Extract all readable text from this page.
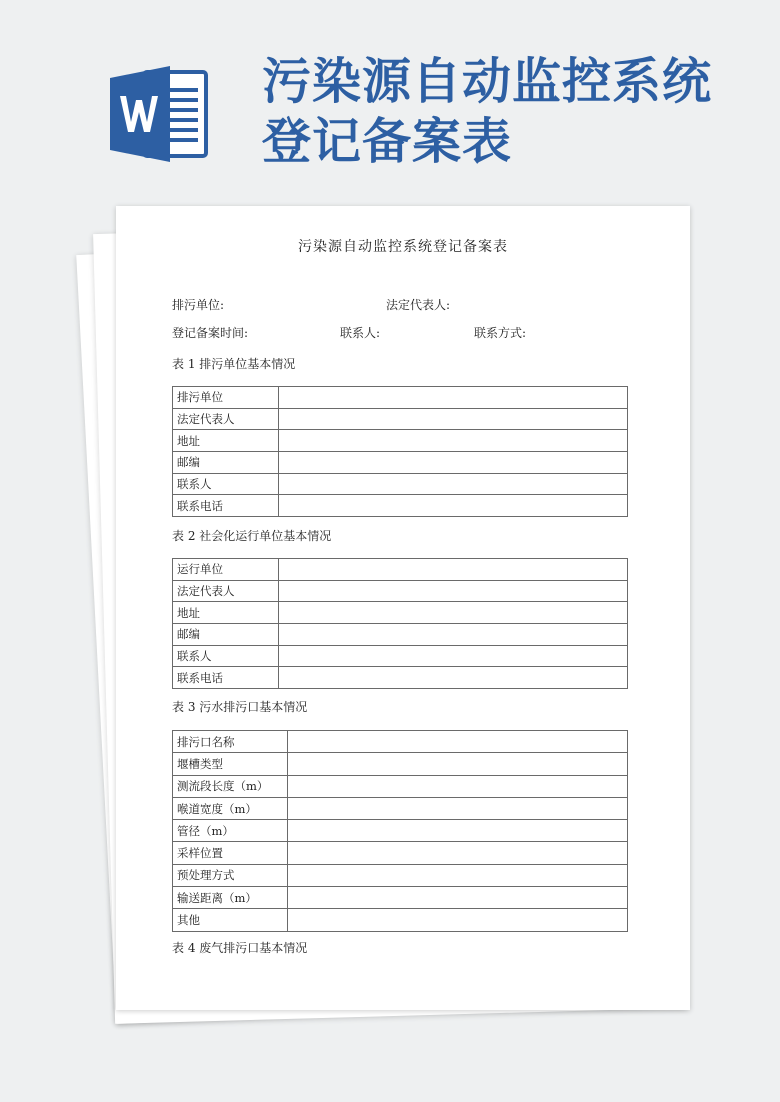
污染源自动监控系统登记备案表
污染源自动监控系统登记备案表
排污单位:	法定代表人:
登记备案时间:	联系人:	联系方式:
表 1 排污单位基本情况
排污单位	
法定代表人	
地址	
邮编	
联系人	
联系电话	
表 2 社会化运行单位基本情况
运行单位	
法定代表人	
地址	
邮编	
联系人	
联系电话	
表 3 污水排污口基本情况
排污口名称	
堰槽类型	
测流段长度（m）	
喉道宽度（m）	
管径（m）	
采样位置	
预处理方式	
输送距离（m）	
其他	
表 4 废气排污口基本情况
